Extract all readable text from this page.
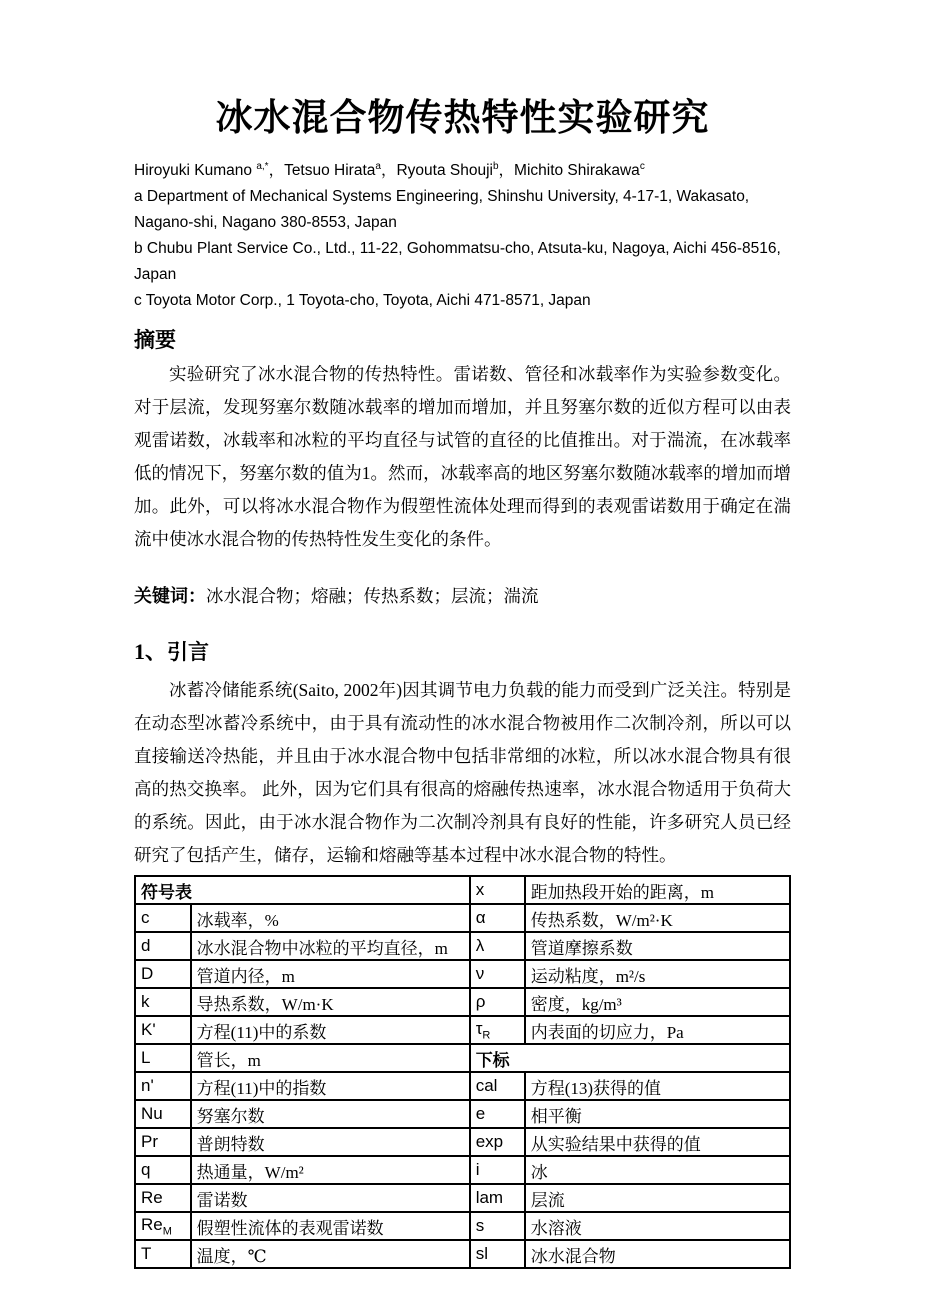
冰水混合物传热特性实验研究

Hiroyuki Kumano $^{a,*}$，Tetsuo Hirata$^a$，Ryouta Shouji$^b$，Michito Shirakawa$^c$

a Department of Mechanical Systems Engineering, Shinshu University, 4-17-1, Wakasato, Nagano-shi, Nagano 380-8553, Japan
b Chubu Plant Service Co., Ltd., 11-22, Gohommatsu-cho, Atsuta-ku, Nagoya, Aichi 456-8516, Japan
c Toyota Motor Corp., 1 Toyota-cho, Toyota, Aichi 471-8571, Japan
摘要

实验研究了冰水混合物的传热特性。雷诺数、管径和冰载率作为实验参数变化。对于层流，发现努塞尔数随冰载率的增加而增加，并且努塞尔数的近似方程可以由表观雷诺数，冰载率和冰粒的平均直径与试管的直径的比值推出。对于湍流，在冰载率低的情况下，努塞尔数的值为1。然而，冰载率高的地区努塞尔数随冰载率的增加而增加。此外，可以将冰水混合物作为假塑性流体处理而得到的表观雷诺数用于确定在湍流中使冰水混合物的传热特性发生变化的条件。

关键词：冰水混合物；熔融；传热系数；层流；湍流

1、引言

冰蓄冷储能系统(Saito, 2002年)因其调节电力负载的能力而受到广泛关注。特别是在动态型冰蓄冷系统中，由于具有流动性的冰水混合物被用作二次制冷剂，所以可以直接输送冷热能，并且由于冰水混合物中包括非常细的冰粒，所以冰水混合物具有很高的热交换率。 此外，因为它们具有很高的熔融传热速率，冰水混合物适用于负荷大的系统。因此，由于冰水混合物作为二次制冷剂具有良好的性能，许多研究人员已经研究了包括产生，储存，运输和熔融等基本过程中冰水混合物的特性。

符号表		x	距加热段开始的距离，m
c	冰载率，%	α	传热系数，W/m²·K
d	冰水混合物中冰粒的平均直径，m	λ	管道摩擦系数
D	管道内径，m	ν	运动粘度，m²/s
k	导热系数，W/m·K	ρ	密度，kg/m³
K'	方程(11)中的系数	$\tau_R$	内表面的切应力，Pa
L	管长，m	下标	
n'	方程(11)中的指数	cal	方程(13)获得的值
Nu	努塞尔数	e	相平衡
Pr	普朗特数	exp	从实验结果中获得的值
q	热通量，W/m²	i	冰
Re	雷诺数	lam	层流
$Re_M$	假塑性流体的表观雷诺数	s	水溶液
T	温度，℃	sl	冰水混合物
